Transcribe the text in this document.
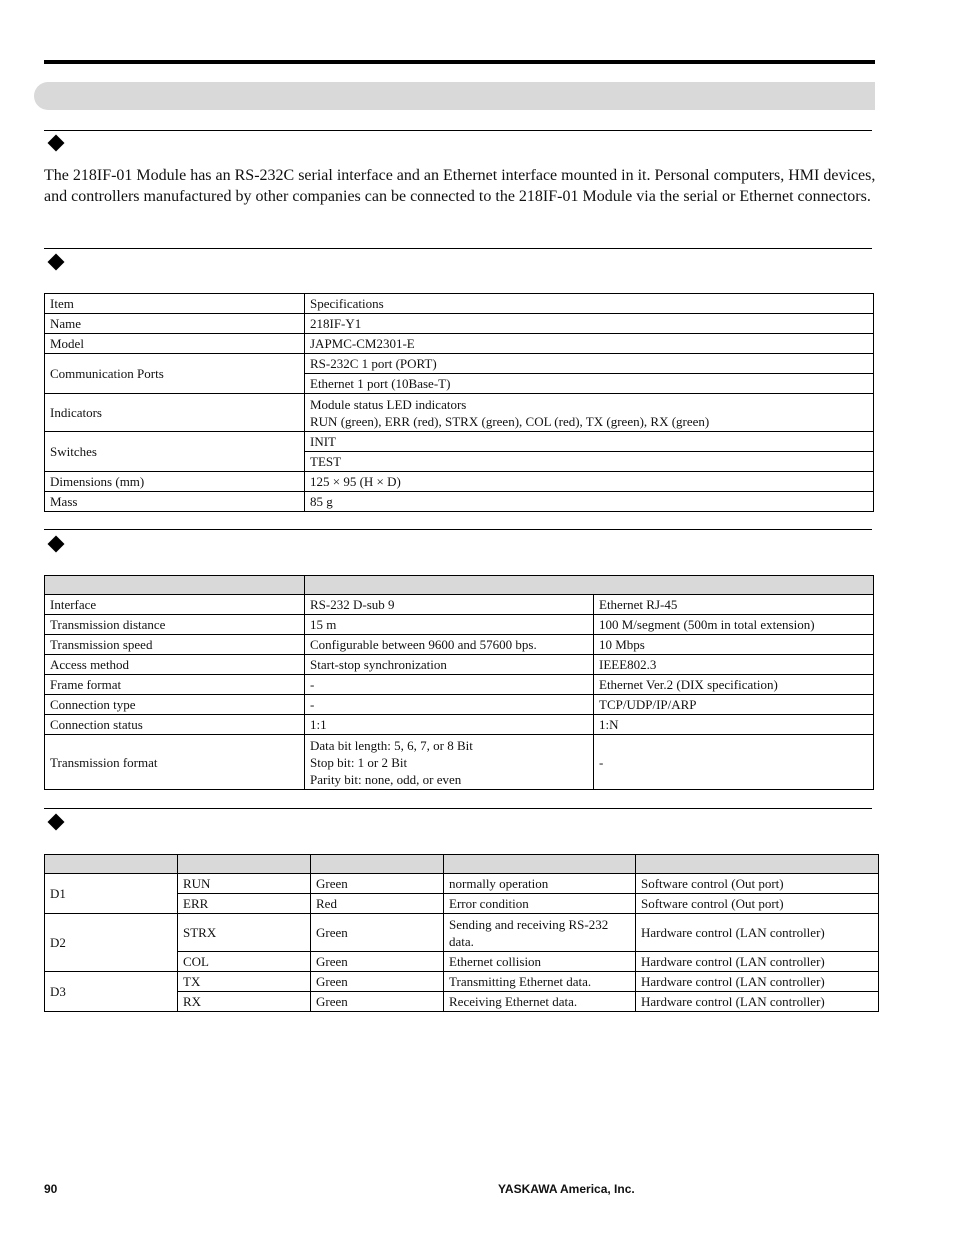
The 218IF-01 Module has an RS-232C serial interface and an Ethernet interface mounted in it. Personal computers, HMI devices, and controllers manufactured by other companies can be connected to the 218IF-01 Module via the serial or Ethernet connectors.
Item	Specifications
Name	218IF-Y1
Model	JAPMC-CM2301-E
Communication Ports	RS-232C 1 port (PORT)
	Ethernet 1 port (10Base-T)
Indicators	Module status LED indicators
RUN (green), ERR (red), STRX (green), COL (red), TX (green), RX (green)

Switches	INIT
	TEST
Dimensions (mm)	125 × 95 (H × D)
Mass	85 g

Interface	RS-232 D-sub 9	Ethernet RJ-45
Transmission distance	15 m	100 M/segment (500m in total extension)
Transmission speed	Configurable between 9600 and 57600 bps.	10 Mbps
Access method	Start-stop synchronization	IEEE802.3
Frame format	-	Ethernet Ver.2 (DIX specification)
Connection type	-	TCP/UDP/IP/ARP
Connection status	1:1	1:N
Transmission format	Data bit length: 5, 6, 7, or 8 Bit
Stop bit: 1 or 2 Bit
Parity bit: none, odd, or even	-

D1	RUN	Green	normally operation	Software control (Out port)
	ERR	Red	Error condition	Software control (Out port)
D2	STRX	Green	Sending and receiving RS-232 data.	Hardware control (LAN controller)
	COL	Green	Ethernet collision	Hardware control (LAN controller)
D3	TX	Green	Transmitting Ethernet data.	Hardware control (LAN controller)
	RX	Green	Receiving Ethernet data.	Hardware control (LAN controller)
90	YASKAWA America, Inc.
